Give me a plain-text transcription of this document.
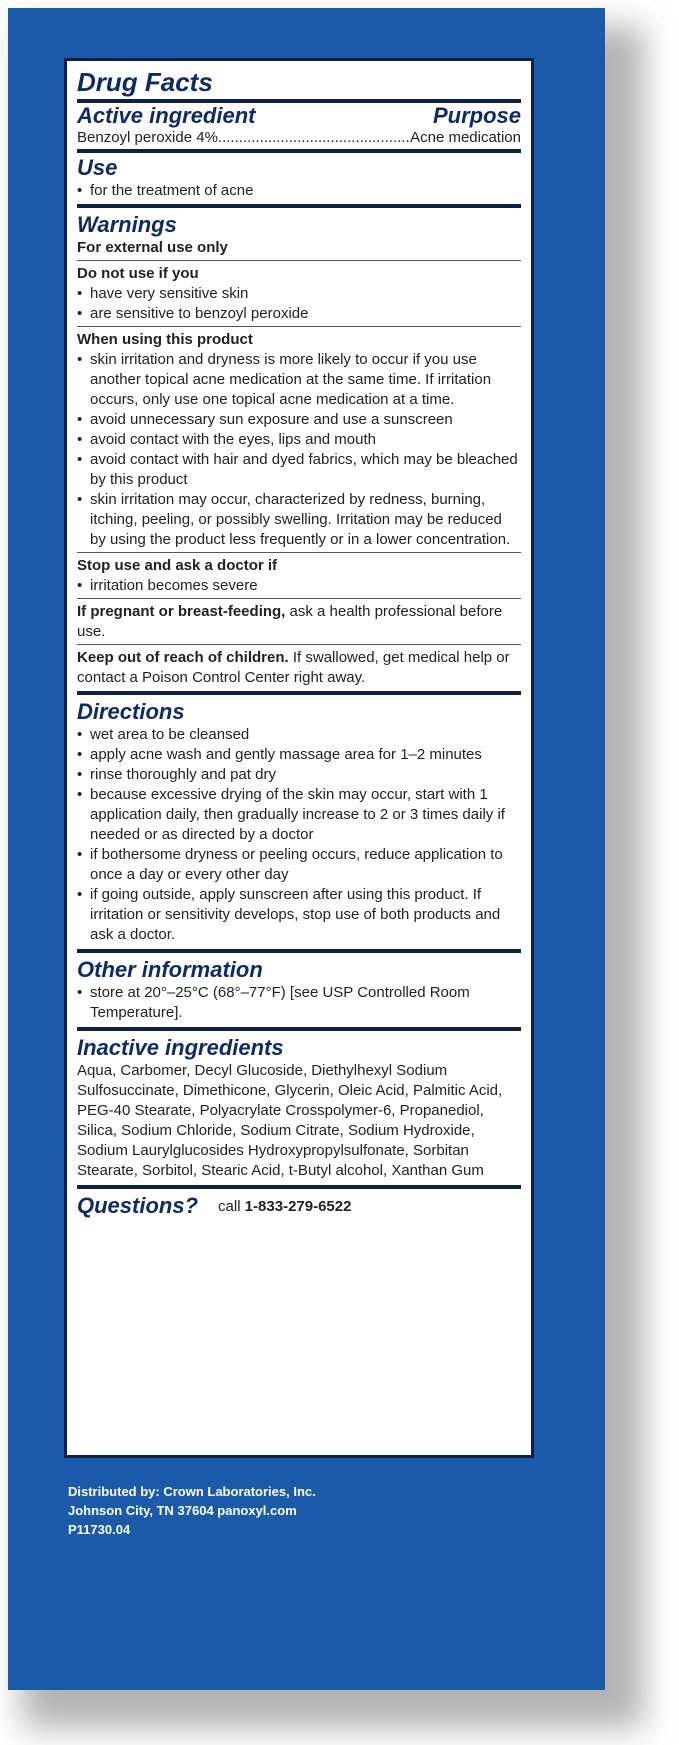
Drug Facts
Active ingredient	Purpose
Benzoyl peroxide 4%
.....	Acne medication
Use
• for the treatment of acne
Warnings
For external use only
Do not use if you
• have very sensitive skin
• are sensitive to benzoyl peroxide
When using this product
• skin irritation and dryness is more likely to occur if you use another topical acne medication at the same time. If irritation occurs, only use one topical acne medication at a time.
• avoid unnecessary sun exposure and use a sunscreen
• avoid contact with the eyes, lips and mouth
• avoid contact with hair and dyed fabrics, which may be bleached by this product
• skin irritation may occur, characterized by redness, burning, itching, peeling, or possibly swelling. Irritation may be reduced by using the product less frequently or in a lower concentration.
Stop use and ask a doctor if
• irritation becomes severe
If pregnant or breast-feeding, ask a health professional before use.
Keep out of reach of children. If swallowed, get medical help or contact a Poison Control Center right away.
Directions
• wet area to be cleansed
• apply acne wash and gently massage area for 1–2 minutes
• rinse thoroughly and pat dry
• because excessive drying of the skin may occur, start with 1 application daily, then gradually increase to 2 or 3 times daily if needed or as directed by a doctor
• if bothersome dryness or peeling occurs, reduce application to once a day or every other day
• if going outside, apply sunscreen after using this product. If irritation or sensitivity develops, stop use of both products and ask a doctor.
Other information
• store at 20°–25°C (68°–77°F) [see USP Controlled Room Temperature].
Inactive ingredients
Aqua, Carbomer, Decyl Glucoside, Diethylhexyl Sodium Sulfosuccinate, Dimethicone, Glycerin, Oleic Acid, Palmitic Acid, PEG-40 Stearate, Polyacrylate Crosspolymer-6, Propanediol, Silica, Sodium Chloride, Sodium Citrate, Sodium Hydroxide, Sodium Laurylglucosides Hydroxypropylsulfonate, Sorbitan Stearate, Sorbitol, Stearic Acid, t-Butyl alcohol, Xanthan Gum
Questions? call 1-833-279-6522
Distributed by: Crown Laboratories, Inc.
Johnson City, TN 37604 panoxyl.com
P11730.04
